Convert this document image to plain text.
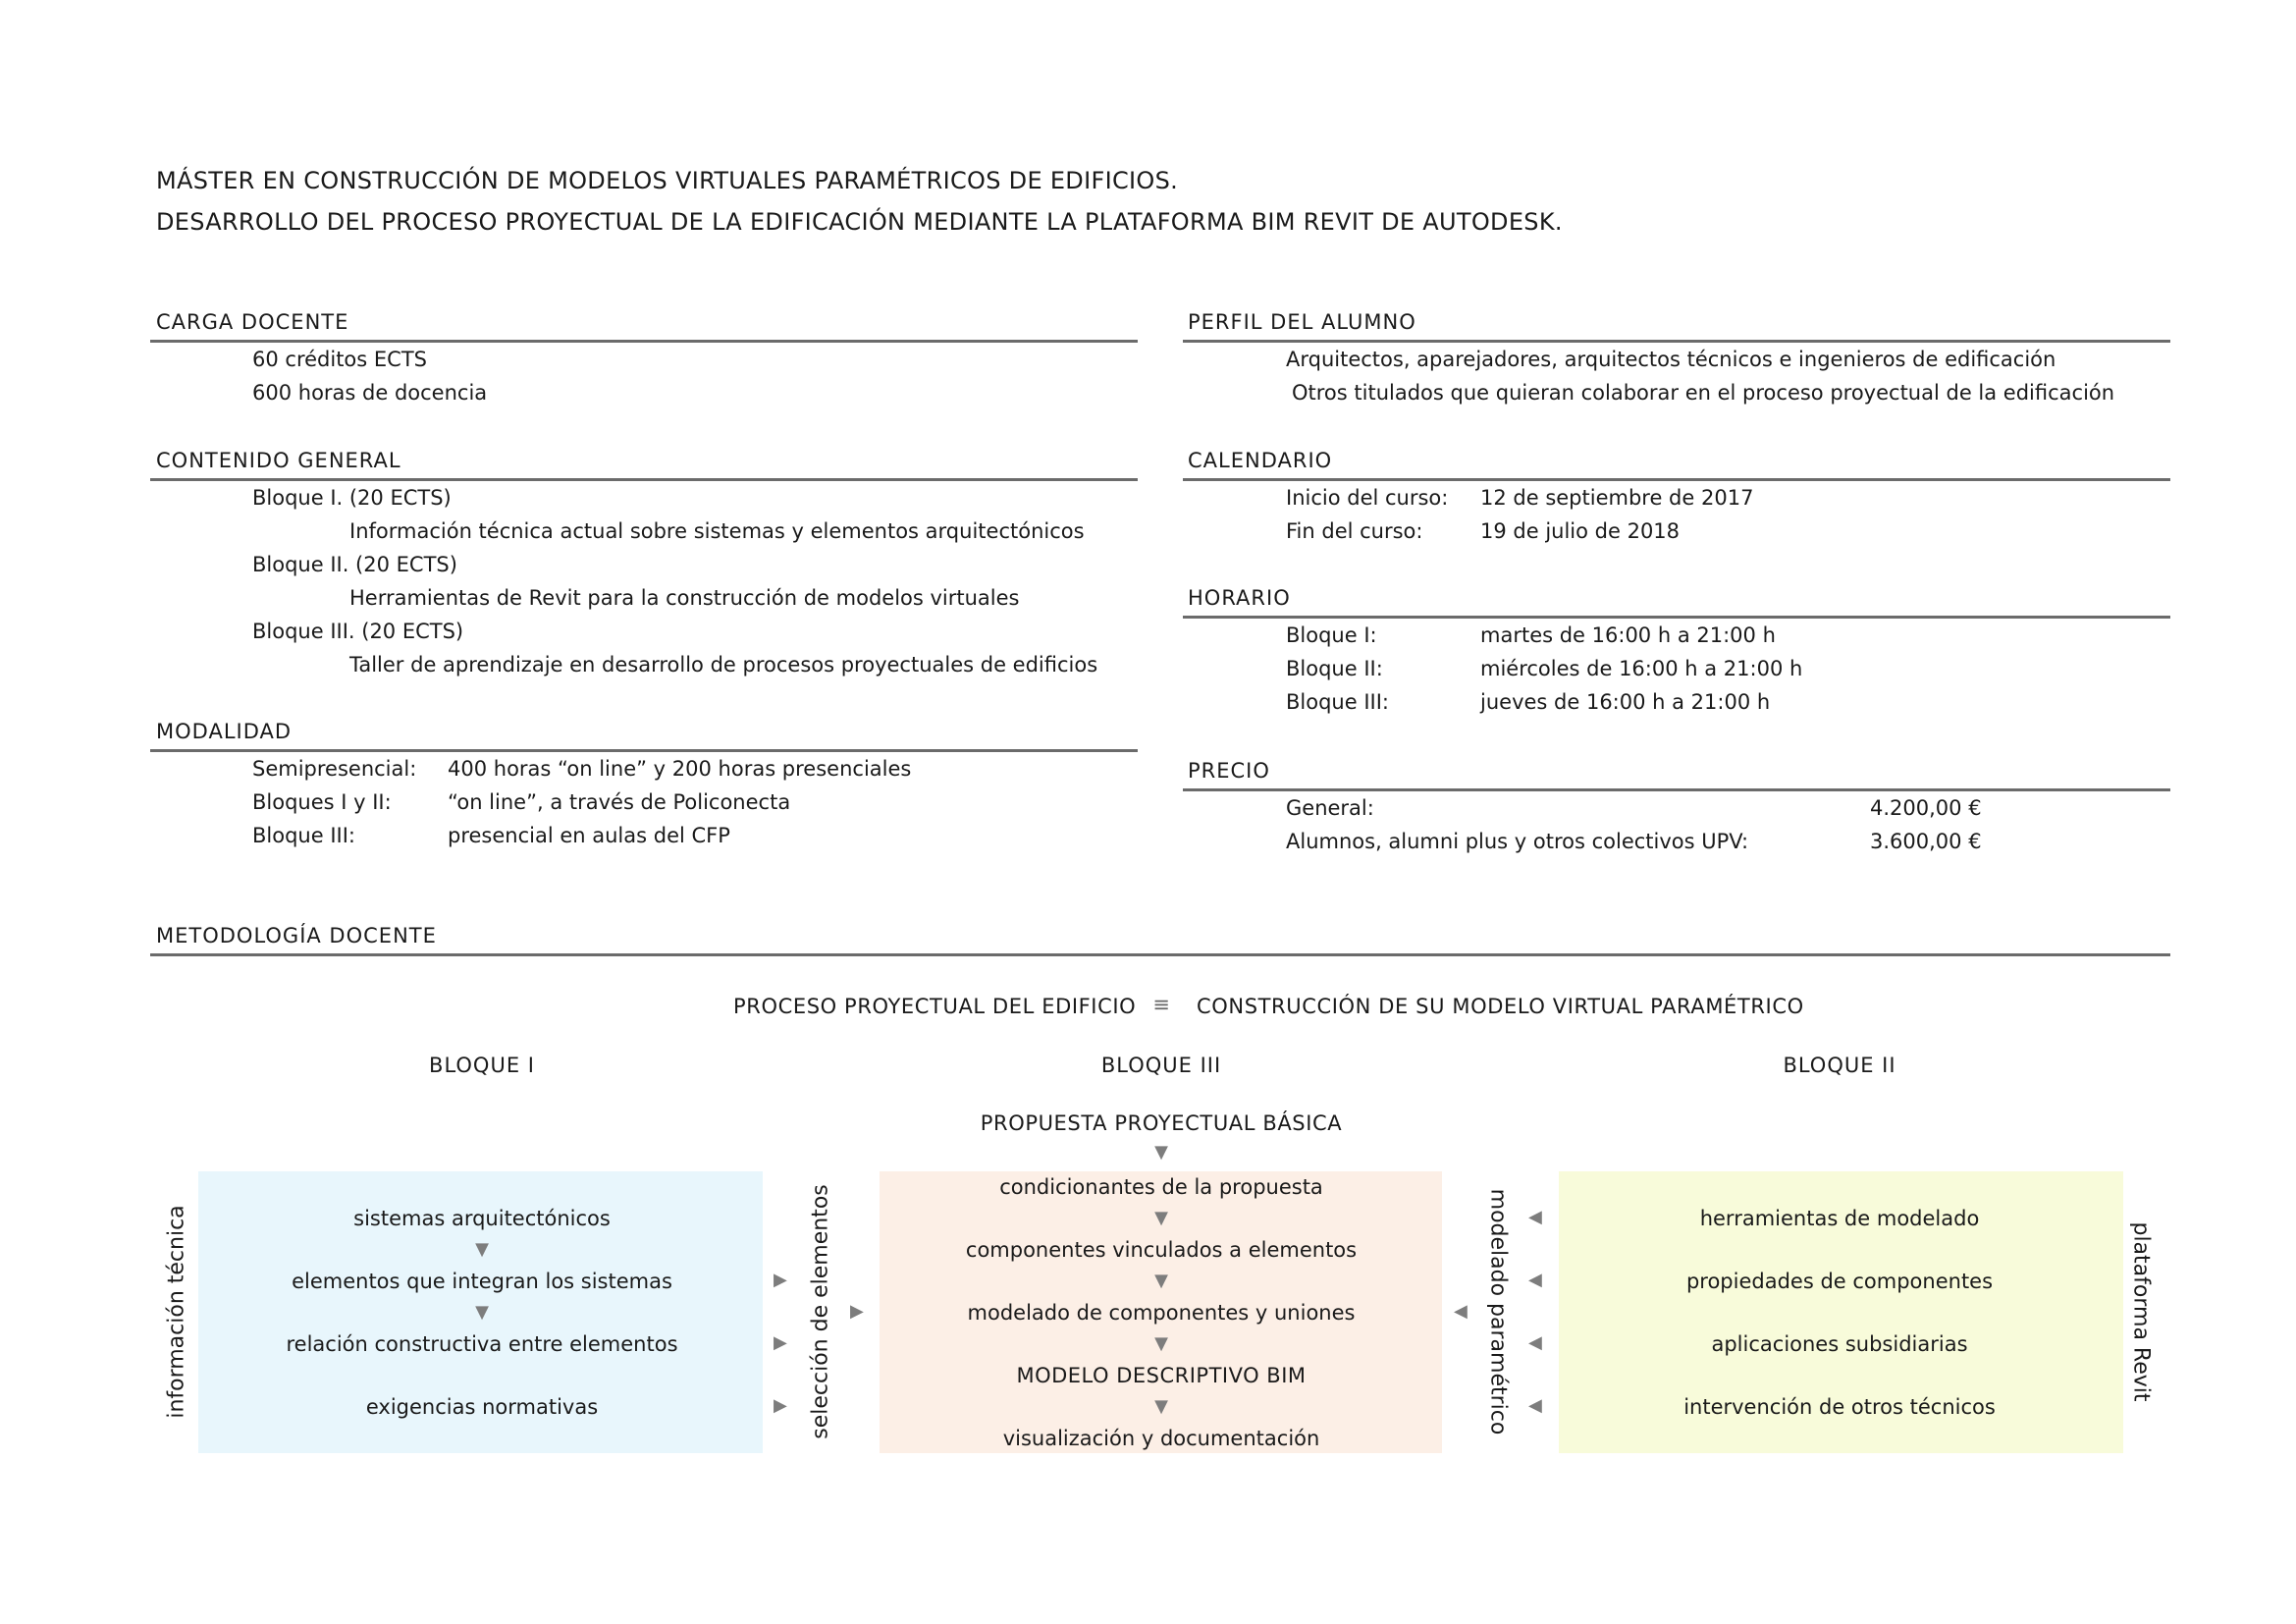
MÁSTER EN CONSTRUCCIÓN DE MODELOS VIRTUALES PARAMÉTRICOS DE EDIFICIOS.
DESARROLLO DEL PROCESO PROYECTUAL DE LA EDIFICACIÓN MEDIANTE LA PLATAFORMA BIM REVIT DE AUTODESK.
CARGA DOCENTE
60 créditos ECTS
600 horas de docencia
CONTENIDO GENERAL
Bloque I. (20 ECTS)
Información técnica actual sobre sistemas y elementos arquitectónicos
Bloque II. (20 ECTS)
Herramientas de Revit para la construcción de modelos virtuales
Bloque III. (20 ECTS)
Taller de aprendizaje en desarrollo de procesos proyectuales de edificios
MODALIDAD
Semipresencial: 400 horas “on line” y 200 horas presenciales
Bloques I y II:	“on line”, a través de Policonecta
Bloque III:	presencial en aulas del CFP
PERFIL DEL ALUMNO
Arquitectos, aparejadores, arquitectos técnicos e ingenieros de edificación
Otros titulados que quieran colaborar en el proceso proyectual de la edificación
CALENDARIO
Inicio del curso: 12 de septiembre de 2017
Fin del curso:	19 de julio de 2018
HORARIO
Bloque I:	martes de 16:00 h a 21:00 h
Bloque II:	miércoles de 16:00 h a 21:00 h
Bloque III:	jueves de 16:00 h a 21:00 h
PRECIO
General:	4.200,00 €
Alumnos, alumni plus y otros colectivos UPV:	3.600,00 €
METODOLOGÍA DOCENTE
PROCESO PROYECTUAL DEL EDIFICIO ≡ CONSTRUCCIÓN DE SU MODELO VIRTUAL PARAMÉTRICO
BLOQUE I	BLOQUE III	BLOQUE II
PROPUESTA PROYECTUAL BÁSICA
▼
sistemas arquitectónicos
▼
elementos que integran los sistemas
▼
relación constructiva entre elementos
exigencias normativas
condicionantes de la propuesta
▼
componentes vinculados a elementos
▼
modelado de componentes y uniones
▼
MODELO DESCRIPTIVO BIM
▼
visualización y documentación
herramientas de modelado
propiedades de componentes
aplicaciones subsidiarias
intervención de otros técnicos
▶
▶
▶
▶	◀
◀
◀
◀
◀
información técnica	selección de elementos	modelado paramétrico	plataforma Revit
